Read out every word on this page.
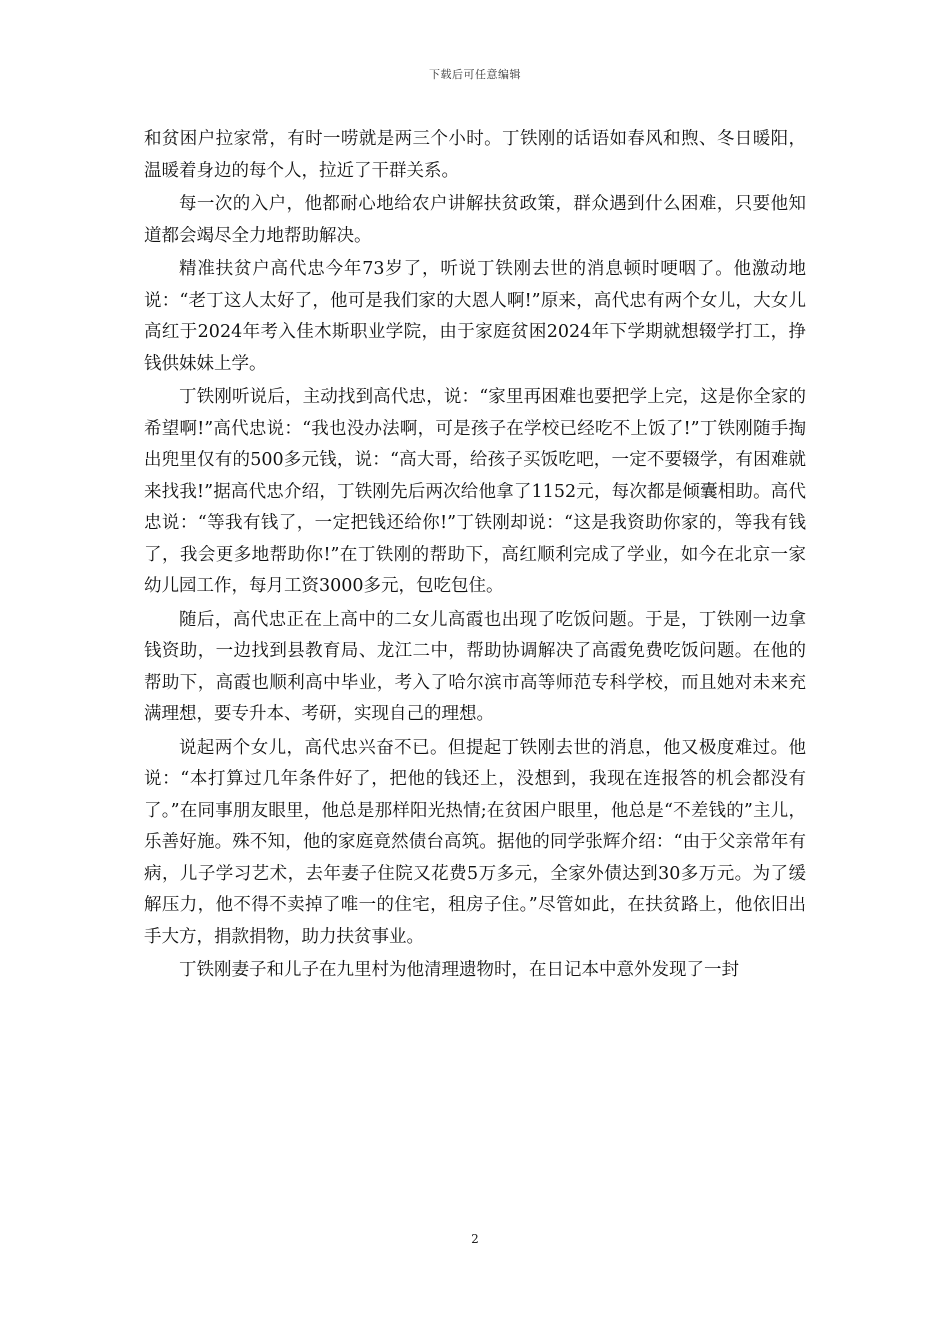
下载后可任意编辑

和贫困户拉家常，有时一唠就是两三个小时。丁铁刚的话语如春风和煦、冬日暖阳，温暖着身边的每个人，拉近了干群关系。

每一次的入户，他都耐心地给农户讲解扶贫政策，群众遇到什么困难，只要他知道都会竭尽全力地帮助解决。

精准扶贫户高代忠今年73岁了，听说丁铁刚去世的消息顿时哽咽了。他激动地说：“老丁这人太好了，他可是我们家的大恩人啊!”原来，高代忠有两个女儿，大女儿高红于2024年考入佳木斯职业学院，由于家庭贫困2024年下学期就想辍学打工，挣钱供妹妹上学。

丁铁刚听说后，主动找到高代忠，说：“家里再困难也要把学上完，这是你全家的希望啊!”高代忠说：“我也没办法啊，可是孩子在学校已经吃不上饭了!”丁铁刚随手掏出兜里仅有的500多元钱，说：“高大哥，给孩子买饭吃吧，一定不要辍学，有困难就来找我!”据高代忠介绍，丁铁刚先后两次给他拿了1152元，每次都是倾囊相助。高代忠说：“等我有钱了，一定把钱还给你!”丁铁刚却说：“这是我资助你家的，等我有钱了，我会更多地帮助你!”在丁铁刚的帮助下，高红顺利完成了学业，如今在北京一家幼儿园工作，每月工资3000多元，包吃包住。

随后，高代忠正在上高中的二女儿高霞也出现了吃饭问题。于是，丁铁刚一边拿钱资助，一边找到县教育局、龙江二中，帮助协调解决了高霞免费吃饭问题。在他的帮助下，高霞也顺利高中毕业，考入了哈尔滨市高等师范专科学校，而且她对未来充满理想，要专升本、考研，实现自己的理想。

说起两个女儿，高代忠兴奋不已。但提起丁铁刚去世的消息，他又极度难过。他说：“本打算过几年条件好了，把他的钱还上，没想到，我现在连报答的机会都没有了。”在同事朋友眼里，他总是那样阳光热情;在贫困户眼里，他总是“不差钱的”主儿，乐善好施。殊不知，他的家庭竟然债台高筑。据他的同学张辉介绍：“由于父亲常年有病，儿子学习艺术，去年妻子住院又花费5万多元，全家外债达到30多万元。为了缓解压力，他不得不卖掉了唯一的住宅，租房子住。”尽管如此，在扶贫路上，他依旧出手大方，捐款捐物，助力扶贫事业。

丁铁刚妻子和儿子在九里村为他清理遗物时，在日记本中意外发现了一封

2
